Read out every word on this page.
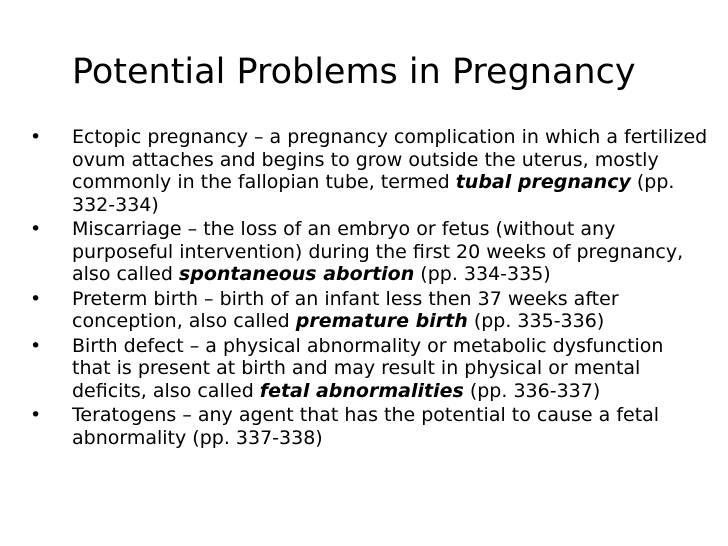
Potential Problems in Pregnancy
• Ectopic pregnancy – a pregnancy complication in which a fertilized ovum attaches and begins to grow outside the uterus, mostly commonly in the fallopian tube, termed tubal pregnancy (pp. 332-334)
• Miscarriage – the loss of an embryo or fetus (without any purposeful intervention) during the first 20 weeks of pregnancy, also called spontaneous abortion (pp. 334-335)
• Preterm birth – birth of an infant less then 37 weeks after conception, also called premature birth (pp. 335-336)
• Birth defect – a physical abnormality or metabolic dysfunction that is present at birth and may result in physical or mental deficits, also called fetal abnormalities (pp. 336-337)
• Teratogens – any agent that has the potential to cause a fetal abnormality (pp. 337-338)
